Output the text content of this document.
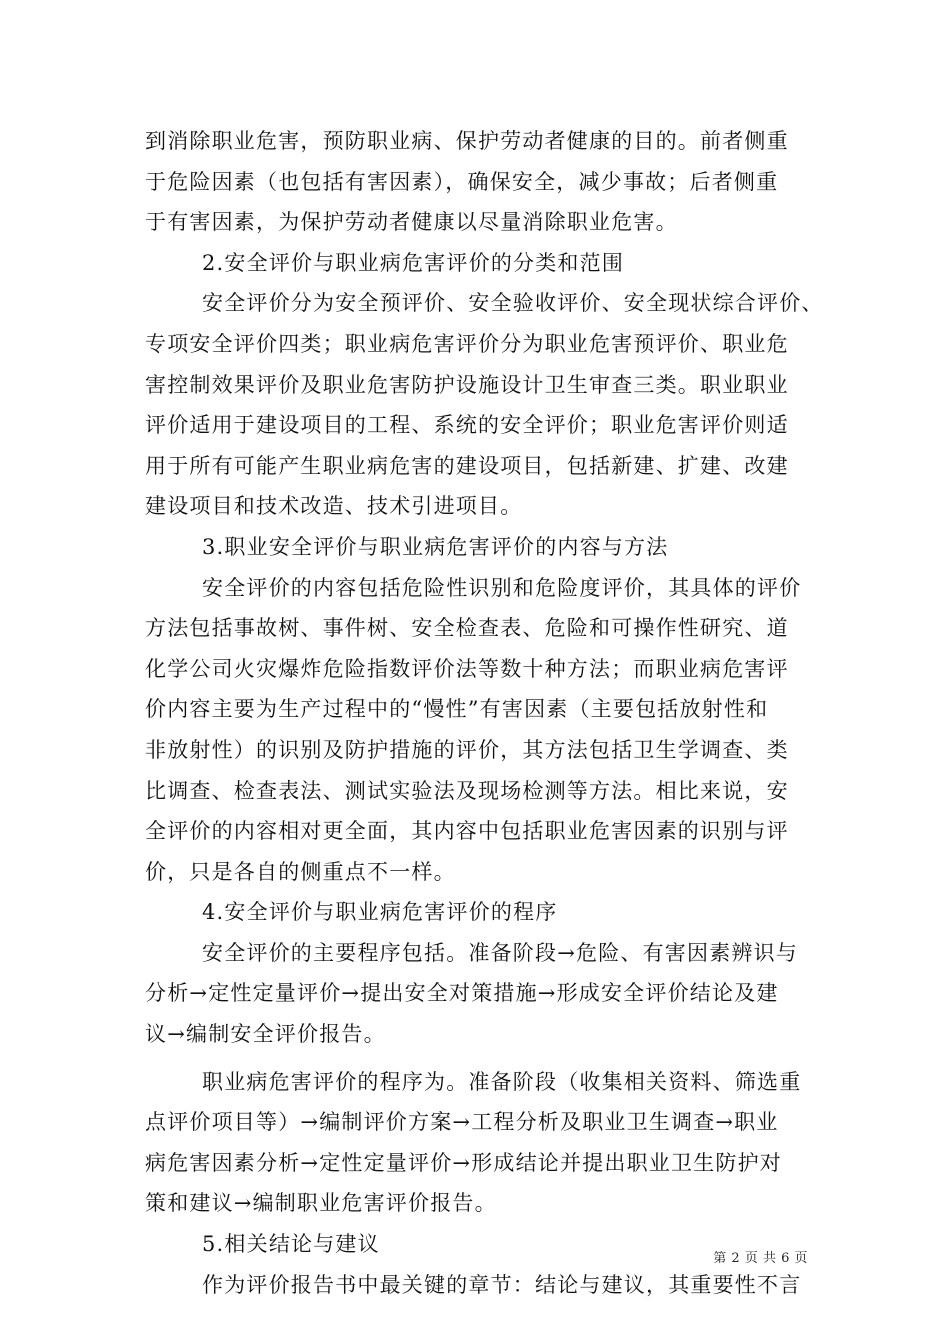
到消除职业危害，预防职业病、保护劳动者健康的目的。前者侧重
于危险因素（也包括有害因素），确保安全，减少事故；后者侧重
于有害因素，为保护劳动者健康以尽量消除职业危害。
2.安全评价与职业病危害评价的分类和范围
安全评价分为安全预评价、安全验收评价、安全现状综合评价、
专项安全评价四类；职业病危害评价分为职业危害预评价、职业危
害控制效果评价及职业危害防护设施设计卫生审查三类。职业职业
评价适用于建设项目的工程、系统的安全评价；职业危害评价则适
用于所有可能产生职业病危害的建设项目，包括新建、扩建、改建
建设项目和技术改造、技术引进项目。
3.职业安全评价与职业病危害评价的内容与方法
安全评价的内容包括危险性识别和危险度评价，其具体的评价
方法包括事故树、事件树、安全检查表、危险和可操作性研究、道
化学公司火灾爆炸危险指数评价法等数十种方法；而职业病危害评
价内容主要为生产过程中的“慢性”有害因素（主要包括放射性和
非放射性）的识别及防护措施的评价，其方法包括卫生学调查、类
比调查、检查表法、测试实验法及现场检测等方法。相比来说，安
全评价的内容相对更全面，其内容中包括职业危害因素的识别与评
价，只是各自的侧重点不一样。
4.安全评价与职业病危害评价的程序
安全评价的主要程序包括。准备阶段→危险、有害因素辨识与
分析→定性定量评价→提出安全对策措施→形成安全评价结论及建
议→编制安全评价报告。
职业病危害评价的程序为。准备阶段（收集相关资料、筛选重
点评价项目等）→编制评价方案→工程分析及职业卫生调查→职业
病危害因素分析→定性定量评价→形成结论并提出职业卫生防护对
策和建议→编制职业危害评价报告。
5.相关结论与建议
作为评价报告书中最关键的章节：结论与建议，其重要性不言
第 2 页 共 6 页
